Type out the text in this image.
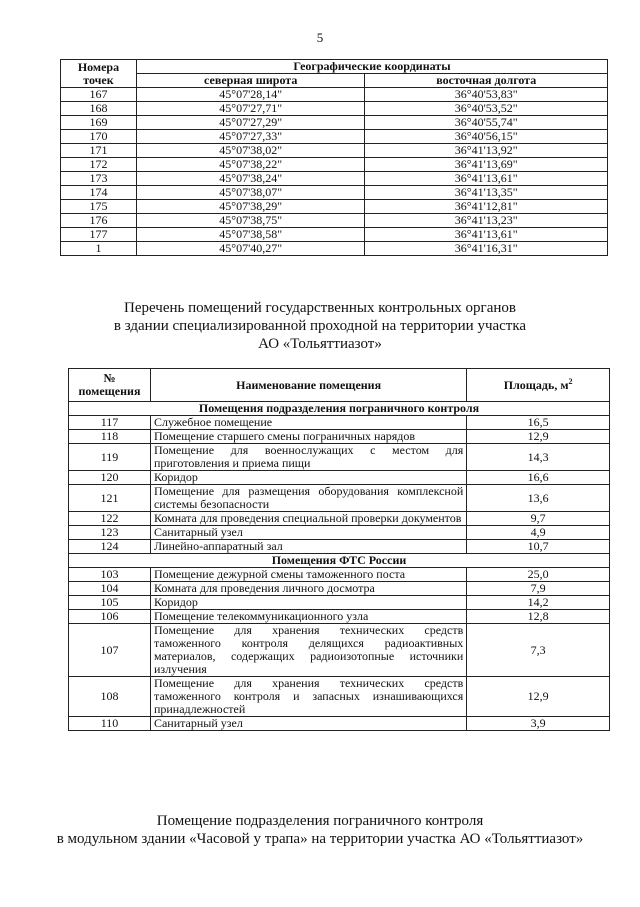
5
Номера точек	Географические координаты	
	северная широта	восточная долгота
167	45°07'28,14"	36°40'53,83"
168	45°07'27,71"	36°40'53,52"
169	45°07'27,29"	36°40'55,74"
170	45°07'27,33"	36°40'56,15"
171	45°07'38,02"	36°41'13,92"
172	45°07'38,22"	36°41'13,69"
173	45°07'38,24"	36°41'13,61"
174	45°07'38,07"	36°41'13,35"
175	45°07'38,29"	36°41'12,81"
176	45°07'38,75"	36°41'13,23"
177	45°07'38,58"	36°41'13,61"
1	45°07'40,27"	36°41'16,31"
Перечень помещений государственных контрольных органов
в здании специализированной проходной на территории участка
АО «Тольяттиазот»
№ помещения	Наименование помещения	Площадь, $м^2$
Помещения подразделения пограничного контроля		
117	Служебное помещение	16,5
118	Помещение старшего смены пограничных нарядов	12,9
119	Помещение для военнослужащих с местом для приготовления и приема пищи	14,3
120	Коридор	16,6
121	Помещение для размещения оборудования комплексной системы безопасности	13,6
122	Комната для проведения специальной проверки документов	9,7
123	Санитарный узел	4,9
124	Линейно-аппаратный зал	10,7
Помещения ФТС России		
103	Помещение дежурной смены таможенного поста	25,0
104	Комната для проведения личного досмотра	7,9
105	Коридор	14,2
106	Помещение телекоммуникационного узла	12,8
107	Помещение для хранения технических средств таможенного контроля делящихся радиоактивных материалов, содержащих радиоизотопные источники излучения	7,3
108	Помещение для хранения технических средств таможенного контроля и запасных изнашивающихся принадлежностей	12,9
110	Санитарный узел	3,9
Помещение подразделения пограничного контроля
в модульном здании «Часовой у трапа» на территории участка АО «Тольяттиазот»
